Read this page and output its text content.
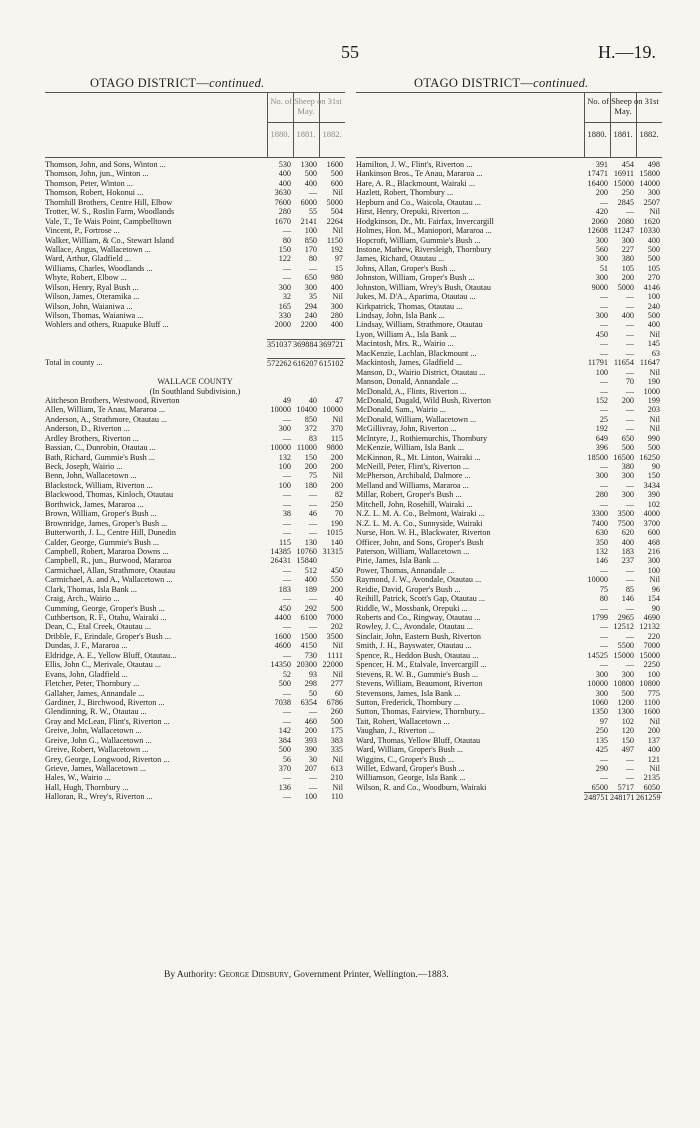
55	H.—19.
OTAGO DISTRICT—continued.	OTAGO DISTRICT—continued.
No. of Sheep on 31st May.
1880. 1881. 1882.
Thomson, John, and Sons, Winton ...	530	1300	1600
Thomson, John, jun., Winton ...	400	500	500
Thomson, Peter, Winton ...	400	400	600
Thomson, Robert, Hokonui ...	3630	—	Nil
Thornhill Brothers, Centre Hill, Elbow	7600	6000	5000
Trotter, W. S., Roslin Farm, Woodlands	280	55	504
Vale, T., Te Wais Point, Campbelltown	1670	2141	2264
Vincent, P., Fortrose ...	—	100	Nil
Walker, William, & Co., Stewart Island	80	850	1150
Wallace, Angus, Wallacetown ...	150	170	192
Ward, Arthur, Gladfield ...	122	80	97
Williams, Charles, Woodlands ...	—	—	15
Whyte, Robert, Elbow ...	—	650	980
Wilson, Henry, Ryal Bush ...	300	300	400
Wilson, James, Oteramika ...	32	35	Nil
Wilson, John, Waianiwa ...	165	294	300
Wilson, Thomas, Waianiwa ...	330	240	280
Wohlers and others, Ruapuke Bluff ...	2000	2200	400
351037 369884 369721
Total in county ...	572262 616207 615102
WALLACE COUNTY
(In Southland Subdivision.)
Aitcheson Brothers, Westwood, Riverton	49	40	47
Allen, William, Te Anau, Mararoa ...	10000 10400 10000
Anderson, A., Strathmore, Otautau ...	—	850	Nil
Anderson, D., Riverton ...	300	372	370
Ardley Brothers, Riverton ...	—	83	115
Bassian, C., Dunrobin, Otautau ...	10000 11000	9800
Bath, Richard, Gummie's Bush ...	132	150	200
Beck, Joseph, Wairio ...	100	200	200
Benn, John, Wallacetown ...	—	75	Nil
Blackstock, William, Riverton ...	100	180	200
Blackwood, Thomas, Kinloch, Otautau	—	—	82
Borthwick, James, Mararoa ...	—	—	250
Brown, William, Groper's Bush ...	38	46	70
Brownridge, James, Groper's Bush ...	—	—	190
Butterworth, J. L., Centre Hill, Dunedin	—	—	1015
Calder, George, Gummie's Bush ...	115	130	140
Campbell, Robert, Mararoa Downs ...	14385 10760 31315
Campbell, R., jun., Burwood, Mararoa	26431 15840
Carmichael, Allan, Strathmore, Otautau	—	512	450
Carmichael, A. and A., Wallacetown ...	—	400	550
Clark, Thomas, Isla Bank ...	183	189	200
Craig, Arch., Wairio ...	—	—	40
Cumming, George, Groper's Bush ...	450	292	500
Cuthbertson, R. F., Otahu, Wairaki ...	4400	6100	7000
Dean, C., Etal Creek, Otautau ...	—	—	202
Dribble, F., Erindale, Groper's Bush ...	1600	1500	3500
Dundas, J. F., Mararoa ...	4600	4150	Nil
Eldridge, A. E., Yellow Bluff, Otautau...	—	730	1111
Ellis, John C., Merivale, Otautau ...	14350 20300 22000
Evans, John, Gladfield ...	52	93	Nil
Fletcher, Peter, Thornbury ...	500	298	277
Gallaher, James, Annandale ...	—	50	60
Gardiner, J., Birchwood, Riverton ...	7038	6354	6786
Glendinning, R. W., Otautau ...	—	—	260
Gray and McLean, Flint's, Riverton ...	—	460	500
Greive, John, Wallacetown ...	142	200	175
Greive, John G., Wallacetown ...	384	393	383
Greive, Robert, Wallacetown ...	500	390	335
Grey, George, Longwood, Riverton ...	56	30	Nil
Grieve, James, Wallacetown ...	370	207	613
Hales, W., Wairio ...	—	—	210
Hall, Hugh, Thornbury ...	136	—	Nil
Halloran, R., Wrey's, Riverton ...	—	100	110
No. of Sheep on 31st May.
1880. 1881. 1882.
Hamilton, J. W., Flint's, Riverton ...	391	454	498
Hankinson Bros., Te Anau, Mararoa ...	17471 16911 15800
Hare, A. R., Blackmount, Wairaki ...	16400 15000 14000
Hazlett, Robert, Thornbury ...	200	250	300
Hepburn and Co., Waicola, Otautau ...	—	2845	2507
Hirst, Henry, Orepuki, Riverton ...	420	—	Nil
Hodgkinson, Dr., Mt. Fairfax, Invercargill	2060	2080	1620
Holmes, Hon. M., Maniopori, Mararoa ...	12608 11247 10330
Hopcroft, William, Gummie's Bush ...	300	300	400
Instone, Mathew, Riversleigh, Thornbury	560	227	500
James, Richard, Otautau ...	300	380	500
Johns, Allan, Groper's Bush ...	51	105	105
Johnston, William, Groper's Bush ...	300	200	270
Johnston, William, Wrey's Bush, Otautau	9000	5000	4146
Jukes, M. D'A., Aparima, Otautau ...	—	—	100
Kirkpatrick, Thomas, Otautau ...	—	—	240
Lindsay, John, Isla Bank ...	300	400	500
Lindsay, William, Strathmore, Otautau	—	—	400
Lyon, William A., Isla Bank ...	450	—	Nil
Macintosh, Mrs. R., Wairio ...	—	—	145
MacKenzie, Lachlan, Blackmount ...	—	—	63
Mackintosh, James, Gladfield ...	11791 11654 11647
Manson, D., Wairio District, Otautau ...	100	—	Nil
Manson, Donald, Annandale ...	—	70	190
McDonald, A., Flints, Riverton ...	—	—	1000
McDonald, Dugald, Wild Bush, Riverton	152	200	199
McDonald, Sam., Wairio ...	—	—	203
McDonald, William, Wallacetown ...	25	—	Nil
McGillivray, John, Riverton ...	192	—	Nil
McIntyre, J., Rothiemurchis, Thornbury	649	650	990
McKenzie, William, Isla Bank ...	396	500	500
McKinnon, R., Mt. Linton, Wairaki ...	18500 16500 16250
McNeill, Peter, Flint's, Riverton ...	—	380	90
McPherson, Archibald, Dalmore ...	300	300	150
Melland and Williams, Mararoa ...	—	—	3434
Millar, Robert, Groper's Bush ...	280	300	390
Mitchell, John, Rosehill, Wairaki ...	—	—	102
N.Z. L. M. A. Co., Belmont, Wairaki ...	3300	3500	4000
N.Z. L. M. A. Co., Sunnyside, Wairaki	7400	7500	3700
Nurse, Hon. W. H., Blackwater, Riverton	630	620	600
Officer, John, and Sons, Groper's Bush	350	400	468
Paterson, William, Wallacetown ...	132	183	216
Pirie, James, Isla Bank ...	146	237	300
Power, Thomas, Annandale ...	—	—	100
Raymond, J. W., Avondale, Otautau ...	10000	—	Nil
Reidie, David, Groper's Bush ...	75	85	96
Reihill, Patrick, Scott's Gap, Otautau ...	80	146	154
Riddle, W., Mossbank, Orepuki ...	—	—	90
Roberts and Co., Ringway, Otautau ...	1799	2965	4690
Rowley, J. C., Avondale, Otautau ...	— 12512 12132
Sinclair, John, Eastern Bush, Riverton	—	—	220
Smith, J. H., Bayswater, Otautau ...	—	5500	7000
Spence, R., Heddon Bush, Otautau ...	14525 15000 15000
Spencer, H. M., Etalvale, Invercargill ...	—	—	2250
Stevens, R. W. B., Gummie's Bush ...	300	300	100
Stevens, William, Beaumont, Riverton	10000 10800 10800
Stevensons, James, Isla Bank ...	300	500	775
Sutton, Frederick, Thornbury ...	1060	1200	1100
Sutton, Thomas, Fairview, Thornbury...	1350	1300	1600
Tait, Robert, Wallacetown ...	97	102	Nil
Vaughan, J., Riverton ...	250	120	200
Ward, Thomas, Yellow Bluff, Otautau	135	150	137
Ward, William, Groper's Bush ...	425	497	400
Wiggins, C., Groper's Bush ...	—	—	121
Willet, Edward, Groper's Bush ...	290	—	Nil
Williamson, George, Isla Bank ...	—	—	2135
Wilson, R. and Co., Woodburn, Wairaki	6500	5717	6050
248751 248171 261259
By Authority: George Didsbury, Government Printer, Wellington.—1883.
